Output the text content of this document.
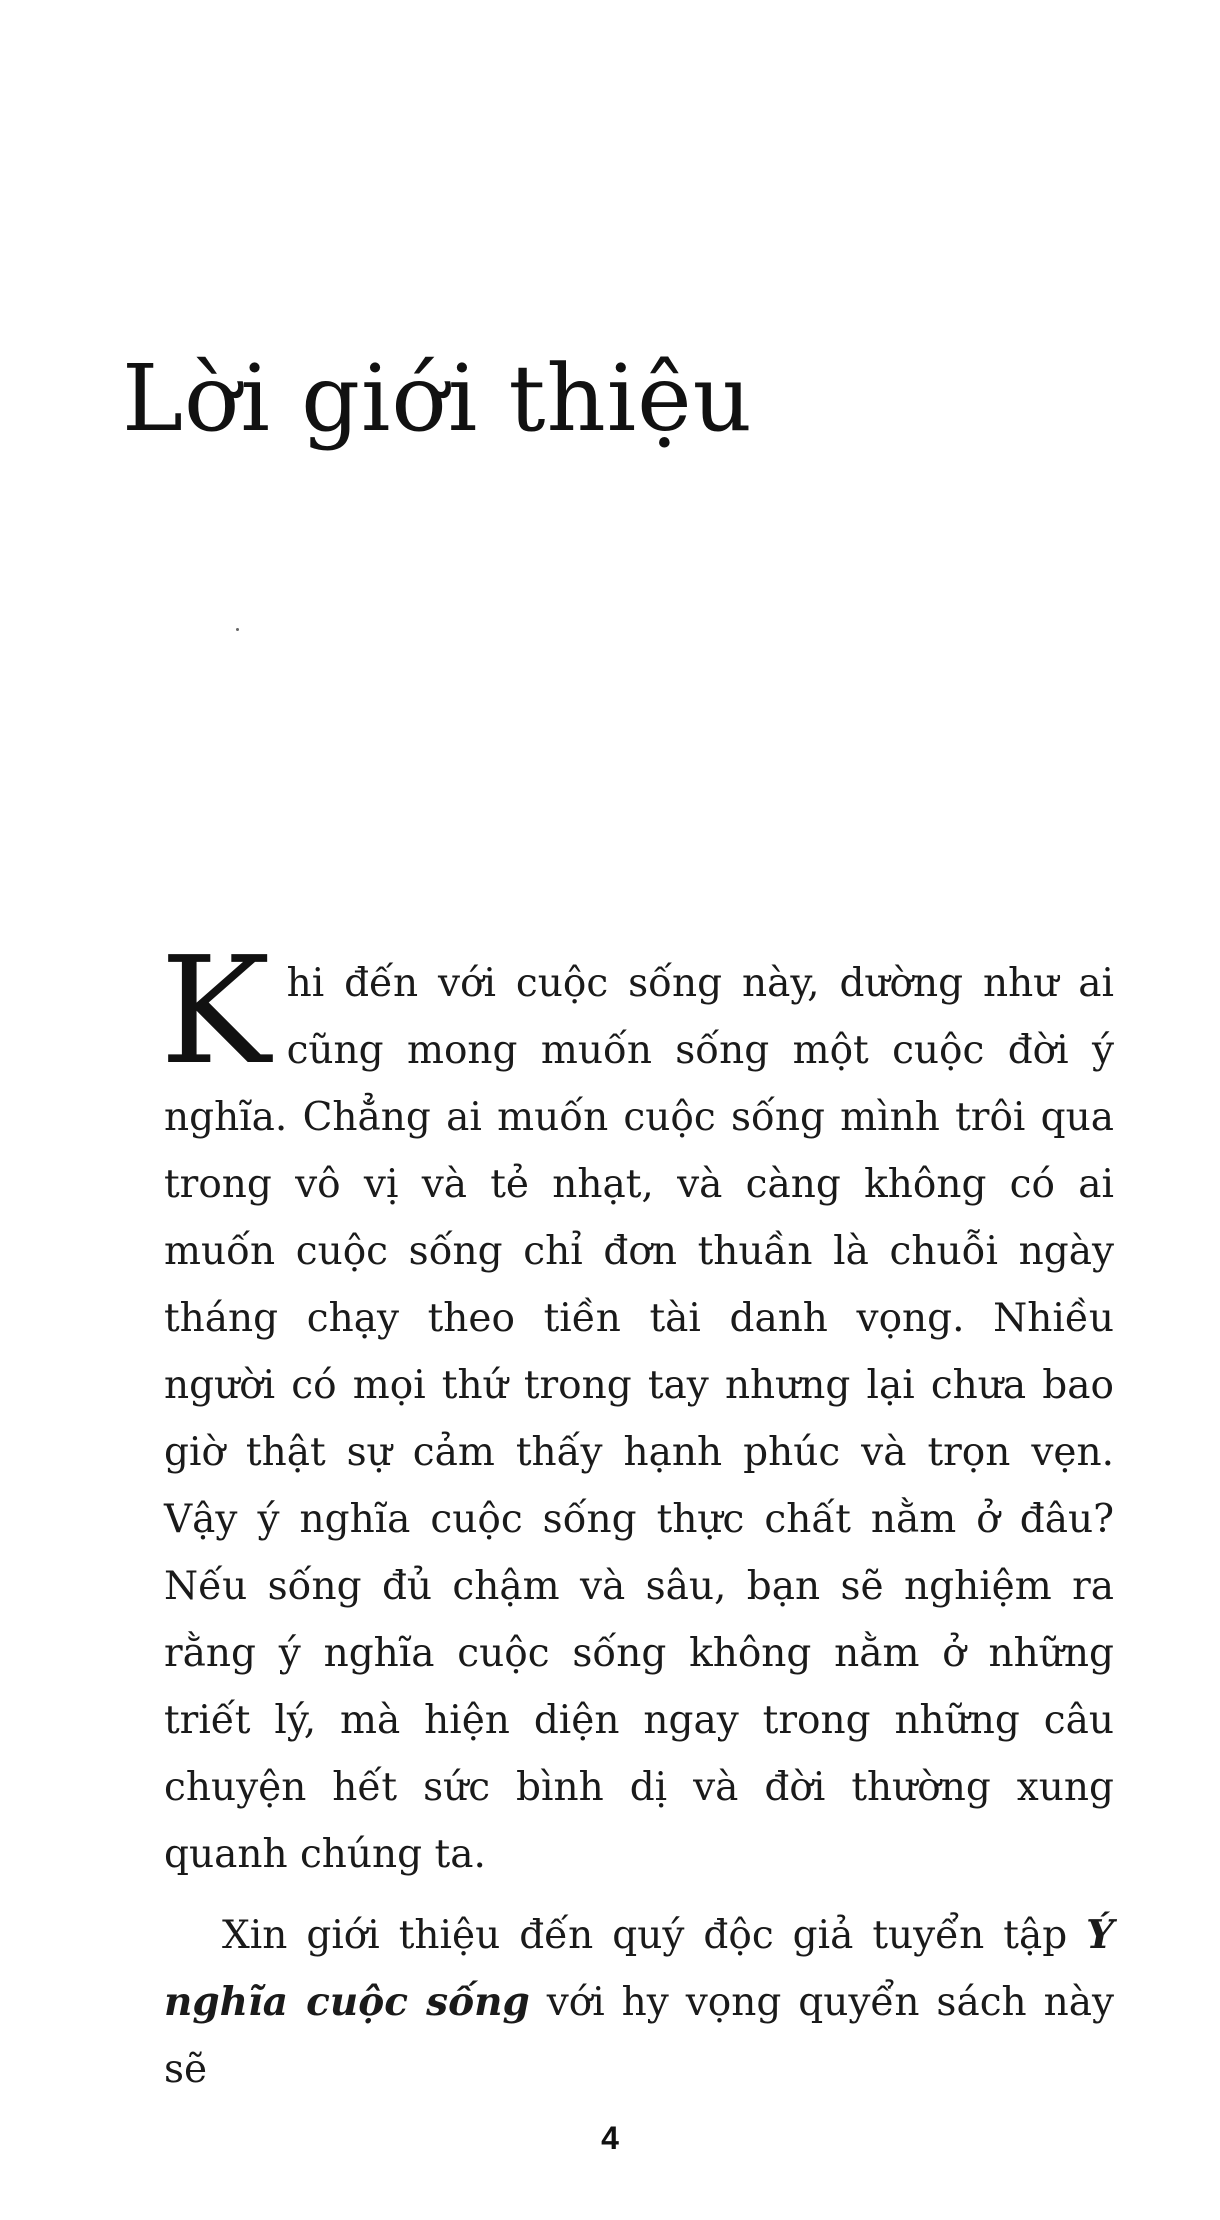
Lời giới thiệu

Khi đến với cuộc sống này, dường như ai cũng mong muốn sống một cuộc đời ý nghĩa. Chẳng ai muốn cuộc sống mình trôi qua trong vô vị và tẻ nhạt, và càng không có ai muốn cuộc sống chỉ đơn thuần là chuỗi ngày tháng chạy theo tiền tài danh vọng. Nhiều người có mọi thứ trong tay nhưng lại chưa bao giờ thật sự cảm thấy hạnh phúc và trọn vẹn. Vậy ý nghĩa cuộc sống thực chất nằm ở đâu? Nếu sống đủ chậm và sâu, bạn sẽ nghiệm ra rằng ý nghĩa cuộc sống không nằm ở những triết lý, mà hiện diện ngay trong những câu chuyện hết sức bình dị và đời thường xung quanh chúng ta.

Xin giới thiệu đến quý độc giả tuyển tập Ý nghĩa cuộc sống với hy vọng quyển sách này sẽ

4
